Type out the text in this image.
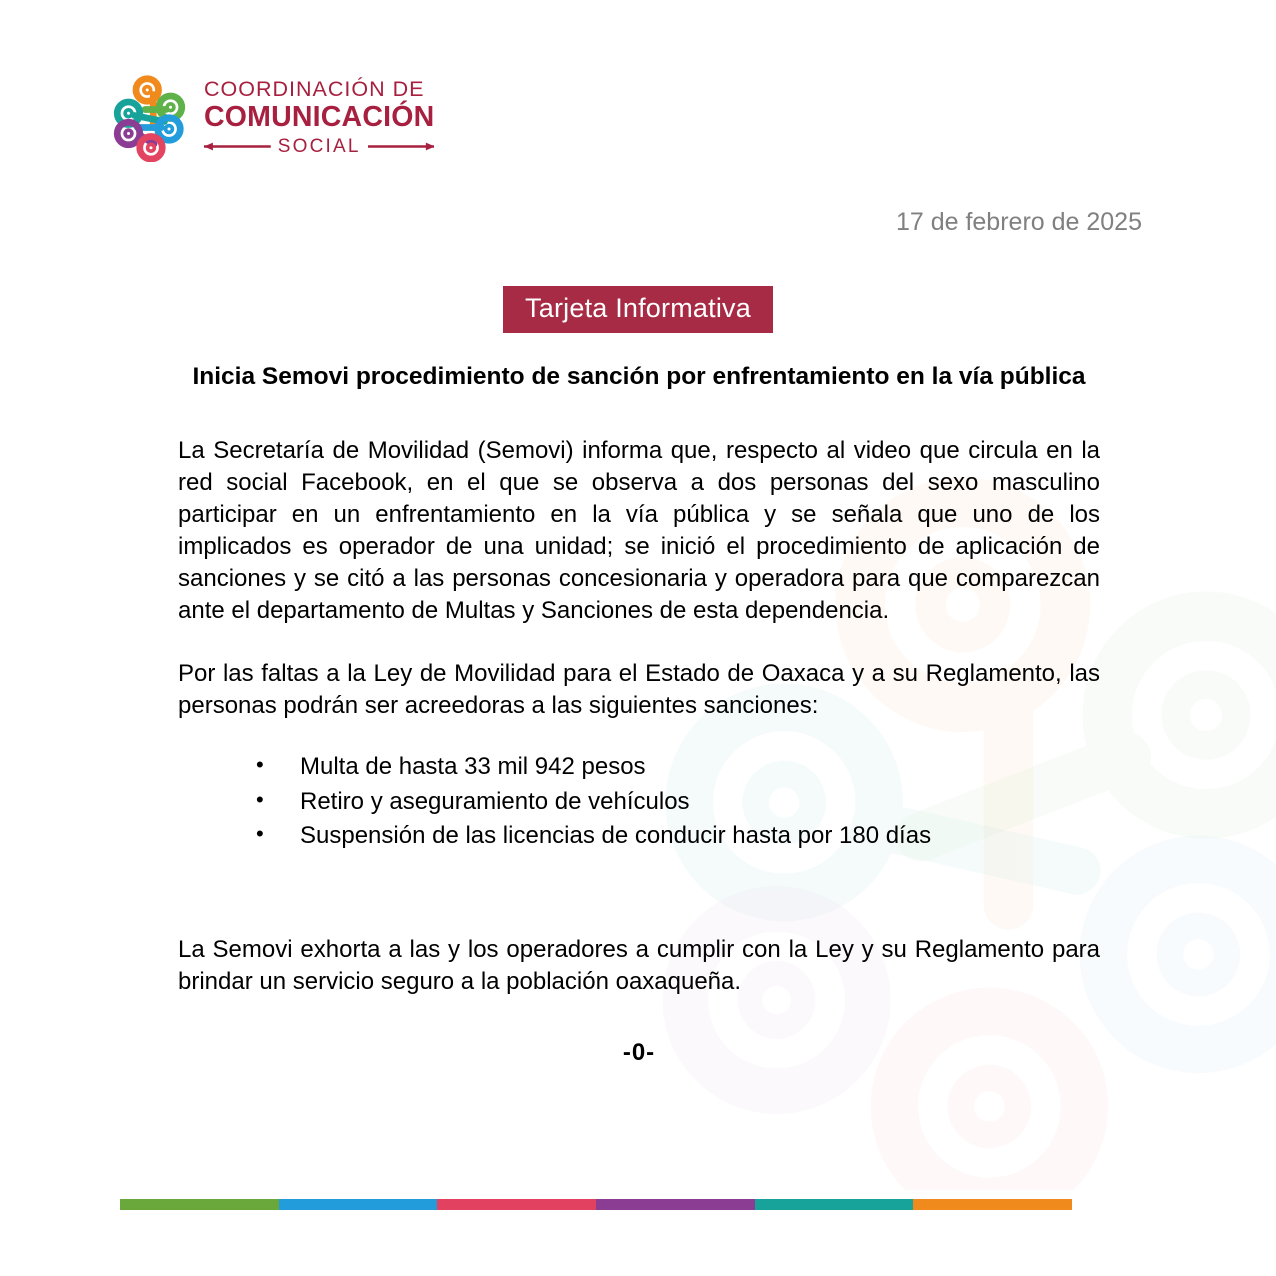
COORDINACIÓN DE
COMUNICACIÓN
SOCIAL
17 de febrero de 2025
Tarjeta Informativa
Inicia Semovi procedimiento de sanción por enfrentamiento en la vía pública

La Secretaría de Movilidad (Semovi) informa que, respecto al video que circula en la red social Facebook, en el que se observa a dos personas del sexo masculino participar en un enfrentamiento en la vía pública y se señala que uno de los implicados es operador de una unidad; se inició el procedimiento de aplicación de sanciones y se citó a las personas concesionaria y operadora para que comparezcan ante el departamento de Multas y Sanciones de esta dependencia.

Por las faltas a la Ley de Movilidad para el Estado de Oaxaca y a su Reglamento, las personas podrán ser acreedoras a las siguientes sanciones:

• Multa de hasta 33 mil 942 pesos
• Retiro y aseguramiento de vehículos
• Suspensión de las licencias de conducir hasta por 180 días

La Semovi exhorta a las y los operadores a cumplir con la Ley y su Reglamento para brindar un servicio seguro a la población oaxaqueña.

-0-
